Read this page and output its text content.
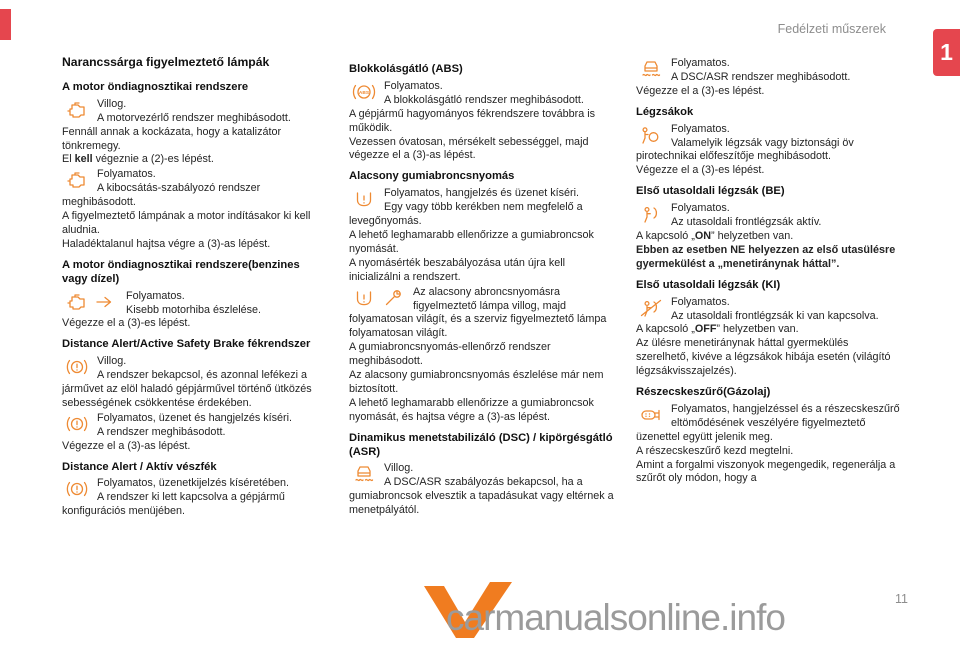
Fedélzeti műszerek
1
Narancssárga figyelmeztető lámpák
A motor öndiagnosztikai rendszere
Villog.
A motorvezérlő rendszer meghibásodott.

Fennáll annak a kockázata, hogy a katalizátor tönkremegy.

El kell végeznie a (2)-es lépést.

Folyamatos.
A kibocsátás-szabályozó rendszer meghibásodott.

A figyelmeztető lámpának a motor indításakor ki kell aludnia.

Haladéktalanul hajtsa végre a (3)-as lépést.

A motor öndiagnosztikai rendszere(benzines vagy dízel)
Folyamatos.
Kisebb motorhiba észlelése.

Végezze el a (3)-es lépést.

Distance Alert/Active Safety Brake fékrendszer
Villog.
A rendszer bekapcsol, és azonnal lefékezi a járművet az elöl haladó gépjárművel történő ütközés sebességének csökkentése érdekében.
Folyamatos, üzenet és hangjelzés kíséri.
A rendszer meghibásodott.

Végezze el a (3)-as lépést.

Distance Alert / Aktív vészfék
Folyamatos, üzenetkijelzés kíséretében.
A rendszer ki lett kapcsolva a gépjármű konfigurációs menüjében.
Blokkolásgátló (ABS)
ABS
Folyamatos.
A blokkolásgátló rendszer meghibásodott.

A gépjármű hagyományos fékrendszere továbbra is működik.

Vezessen óvatosan, mérsékelt sebességgel, majd végezze el a (3)-as lépést.

Alacsony gumiabroncsnyomás
Folyamatos, hangjelzés és üzenet kíséri.
Egy vagy több kerékben nem megfelelő a levegőnyomás.

A lehető leghamarabb ellenőrizze a gumiabroncsok nyomását.

A nyomásérték beszabályozása után újra kell inicializálni a rendszert.

Az alacsony abroncsnyomásra figyelmeztető lámpa villog, majd folyamatosan világít, és a szerviz figyelmeztető lámpa folyamatosan világít.

A gumiabroncsnyomás-ellenőrző rendszer meghibásodott.

Az alacsony gumiabroncsnyomás észlelése már nem biztosított.

A lehető leghamarabb ellenőrizze a gumiabroncsok nyomását, és hajtsa végre a (3)-as lépést.

Dinamikus menetstabilizáló (DSC) / kipörgésgátló (ASR)
Villog.
A DSC/ASR szabályozás bekapcsol, ha a gumiabroncsok elvesztik a tapadásukat vagy eltérnek a menetpályától.
Folyamatos.
A DSC/ASR rendszer meghibásodott.

Végezze el a (3)-es lépést.

Légzsákok
Folyamatos.
Valamelyik légzsák vagy biztonsági öv pirotechnikai előfeszítője meghibásodott.

Végezze el a (3)-es lépést.

Első utasoldali légzsák (BE)
Folyamatos.
Az utasoldali frontlégzsák aktív.

A kapcsoló „ON” helyzetben van.

Ebben az esetben NE helyezzen az első utasülésre gyermekülést a „menetiránynak háttal”.

Első utasoldali légzsák (KI)
Folyamatos.
Az utasoldali frontlégzsák ki van kapcsolva.

A kapcsoló „OFF” helyzetben van.

Az ülésre menetiránynak háttal gyermekülés szerelhető, kivéve a légzsákok hibája esetén (világító légzsákvisszajelzés).

Részecskeszűrő(Gázolaj)
Folyamatos, hangjelzéssel és a részecskeszűrő eltömődésének veszélyére figyelmeztető üzenettel együtt jelenik meg.

A részecskeszűrő kezd megtelni.

Amint a forgalmi viszonyok megengedik, regenerálja a szűrőt oly módon, hogy a

carmanualsonline.info	11
